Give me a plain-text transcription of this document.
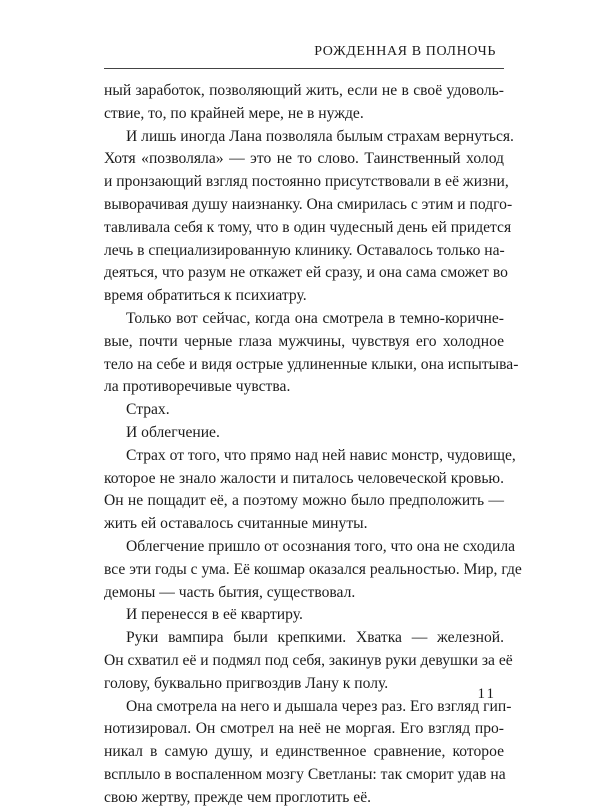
РОЖДЕННАЯ В ПОЛНОЧЬ
ный заработок, позволяющий жить, если не в своё удоволь-
ствие, то, по крайней мере, не в нужде.
И лишь иногда Лана позволяла былым страхам вернуться.
Хотя «позволяла» — это не то слово. Таинственный холод
и пронзающий взгляд постоянно присутствовали в её жизни,
выворачивая душу наизнанку. Она смирилась с этим и подго-
тавливала себя к тому, что в один чудесный день ей придется
лечь в специализированную клинику. Оставалось только на-
деяться, что разум не откажет ей сразу, и она сама сможет во
время обратиться к психиатру.
Только вот сейчас, когда она смотрела в темно-коричне-
вые, почти черные глаза мужчины, чувствуя его холодное
тело на себе и видя острые удлиненные клыки, она испытыва-
ла противоречивые чувства.
Страх.
И облегчение.
Страх от того, что прямо над ней навис монстр, чудовище,
которое не знало жалости и питалось человеческой кровью.
Он не пощадит её, а поэтому можно было предположить —
жить ей оставалось считанные минуты.
Облегчение пришло от осознания того, что она не сходила
все эти годы с ума. Её кошмар оказался реальностью. Мир, где
демоны — часть бытия, существовал.
И перенесся в её квартиру.
Руки вампира были крепкими. Хватка — железной.
Он схватил её и подмял под себя, закинув руки девушки за её
голову, буквально пригвоздив Лану к полу.
Она смотрела на него и дышала через раз. Его взгляд гип-
нотизировал. Он смотрел на неё не моргая. Его взгляд про-
никал в самую душу, и единственное сравнение, которое
всплыло в воспаленном мозгу Светланы: так сморит удав на
свою жертву, прежде чем проглотить её.
11
